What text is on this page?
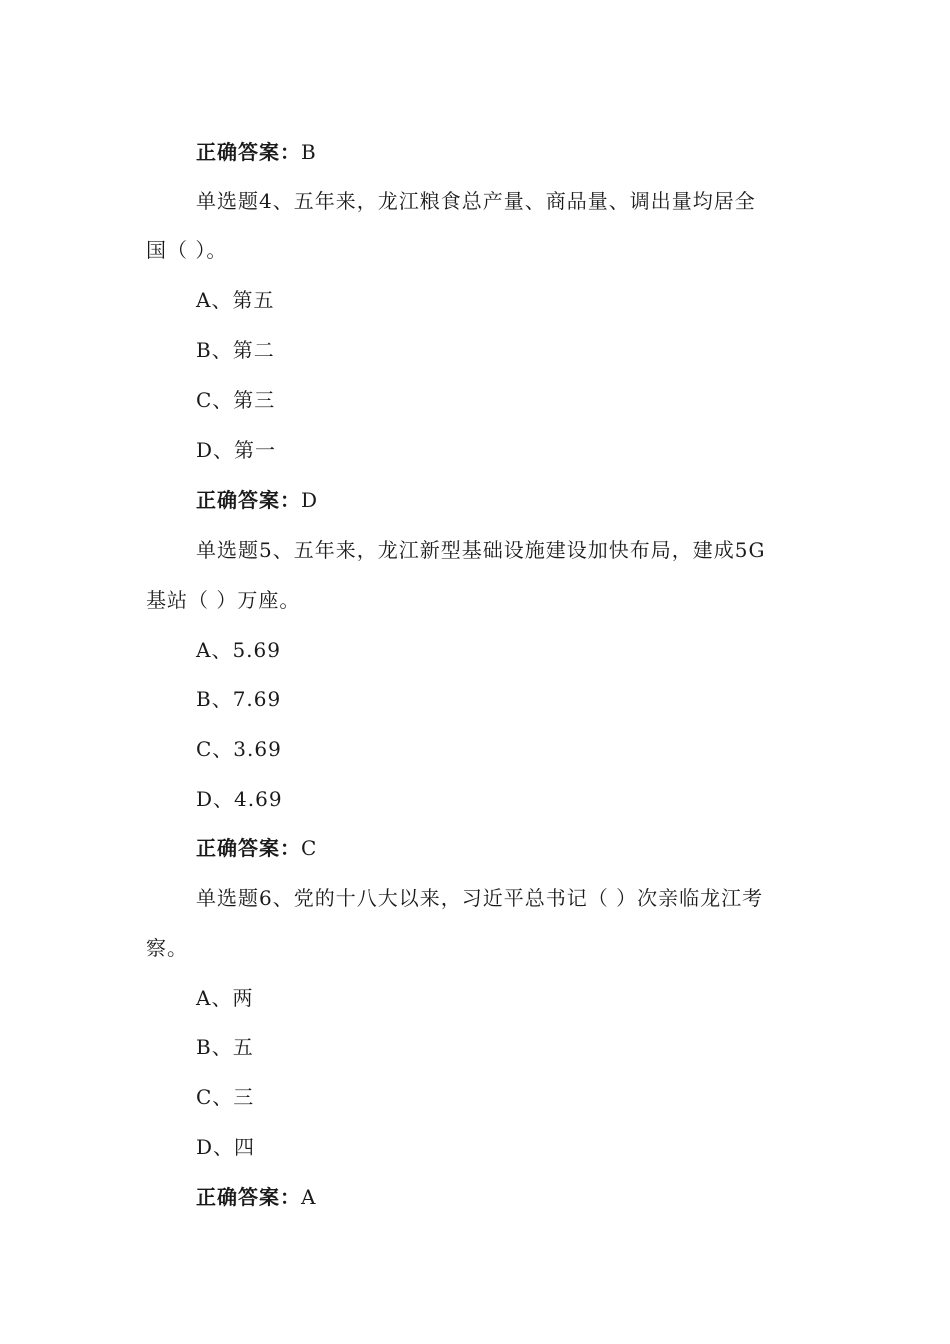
正确答案：B
单选题4、五年来，龙江粮食总产量、商品量、调出量均居全
国（ ）。
A、第五
B、第二
C、第三
D、第一
正确答案：D
单选题5、五年来，龙江新型基础设施建设加快布局，建成5G
基站（ ）万座。
A、5.69
B、7.69
C、3.69
D、4.69
正确答案：C
单选题6、党的十八大以来，习近平总书记（ ）次亲临龙江考
察。
A、两
B、五
C、三
D、四
正确答案：A
